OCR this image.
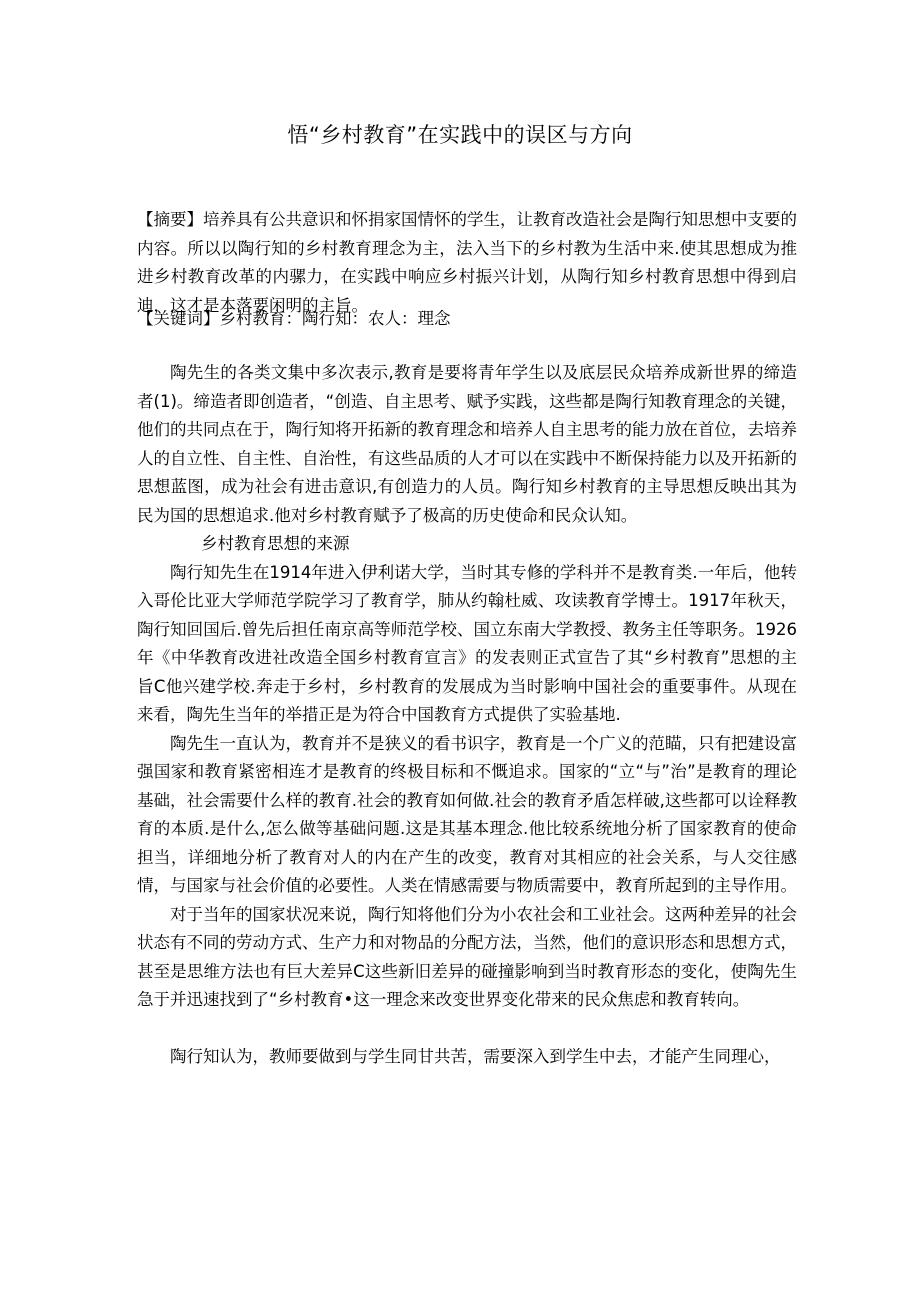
悟“乡村教育”在实践中的误区与方向

【摘要】培养具有公共意识和怀捐家国情怀的学生，让教育改造社会是陶行知思想中支要的内容。所以以陶行知的乡村教育理念为主，法入当下的乡村教为生活中来.使其思想成为推进乡村教育改革的内骡力，在实践中响应乡村振兴计划，从陶行知乡村教育思想中得到启迪，这才是本落要闲明的主旨。

【关键词】乡村教育：陶行知：农人：理念

陶先生的各类文集中多次表示,教育是要将青年学生以及底层民众培养成新世界的缔造者(1)。缔造者即创造者，“创造、自主思考、赋予实践，这些都是陶行知教育理念的关键，他们的共同点在于，陶行知将开拓新的教育理念和培养人自主思考的能力放在首位，去培养人的自立性、自主性、自治性，有这些品质的人才可以在实践中不断保持能力以及开拓新的思想蓝图，成为社会有进击意识,有创造力的人员。陶行知乡村教育的主导思想反映出其为民为国的思想追求.他对乡村教育赋予了极高的历史使命和民众认知。

乡村教育思想的来源

陶行知先生在1914年进入伊利诺大学，当时其专修的学科并不是教育类.一年后，他转入哥伦比亚大学师范学院学习了教育学，肺从约翰杜威、攻读教育学博士。1917年秋天，陶行知回国后.曾先后担任南京高等师范学校、国立东南大学教授、教务主任等职务。1926年《中华教育改进社改造全国乡村教育宣言》的发表则正式宣告了其“乡村教育”思想的主旨C他兴建学校.奔走于乡村，乡村教育的发展成为当时影响中国社会的重要事件。从现在来看，陶先生当年的举措正是为符合中国教育方式提供了实验基地.

陶先生一直认为，教育并不是狭义的看书识字，教育是一个广义的范瞄，只有把建设富强国家和教育紧密相连才是教育的终极目标和不慨追求。国家的“立“与”治”是教育的理论基础，社会需要什么样的教育.社会的教育如何做.社会的教育矛盾怎样破,这些都可以诠释教育的本质.是什么,怎么做等基础问题.这是其基本理念.他比较系统地分析了国家教育的使命担当，详细地分析了教育对人的内在产生的改变，教育对其相应的社会关系，与人交往感情，与国家与社会价值的必要性。人类在情感需要与物质需要中，教育所起到的主导作用。

对于当年的国家状况来说，陶行知将他们分为小农社会和工业社会。这两种差异的社会状态有不同的劳动方式、生产力和对物品的分配方法，当然，他们的意识形态和思想方式，甚至是思维方法也有巨大差异C这些新旧差异的碰撞影响到当时教育形态的变化，使陶先生急于并迅速找到了“乡村教育•这一理念来改变世界变化带来的民众焦虑和教育转向。

陶行知认为，教师要做到与学生同甘共苦，需要深入到学生中去，才能产生同理心，
